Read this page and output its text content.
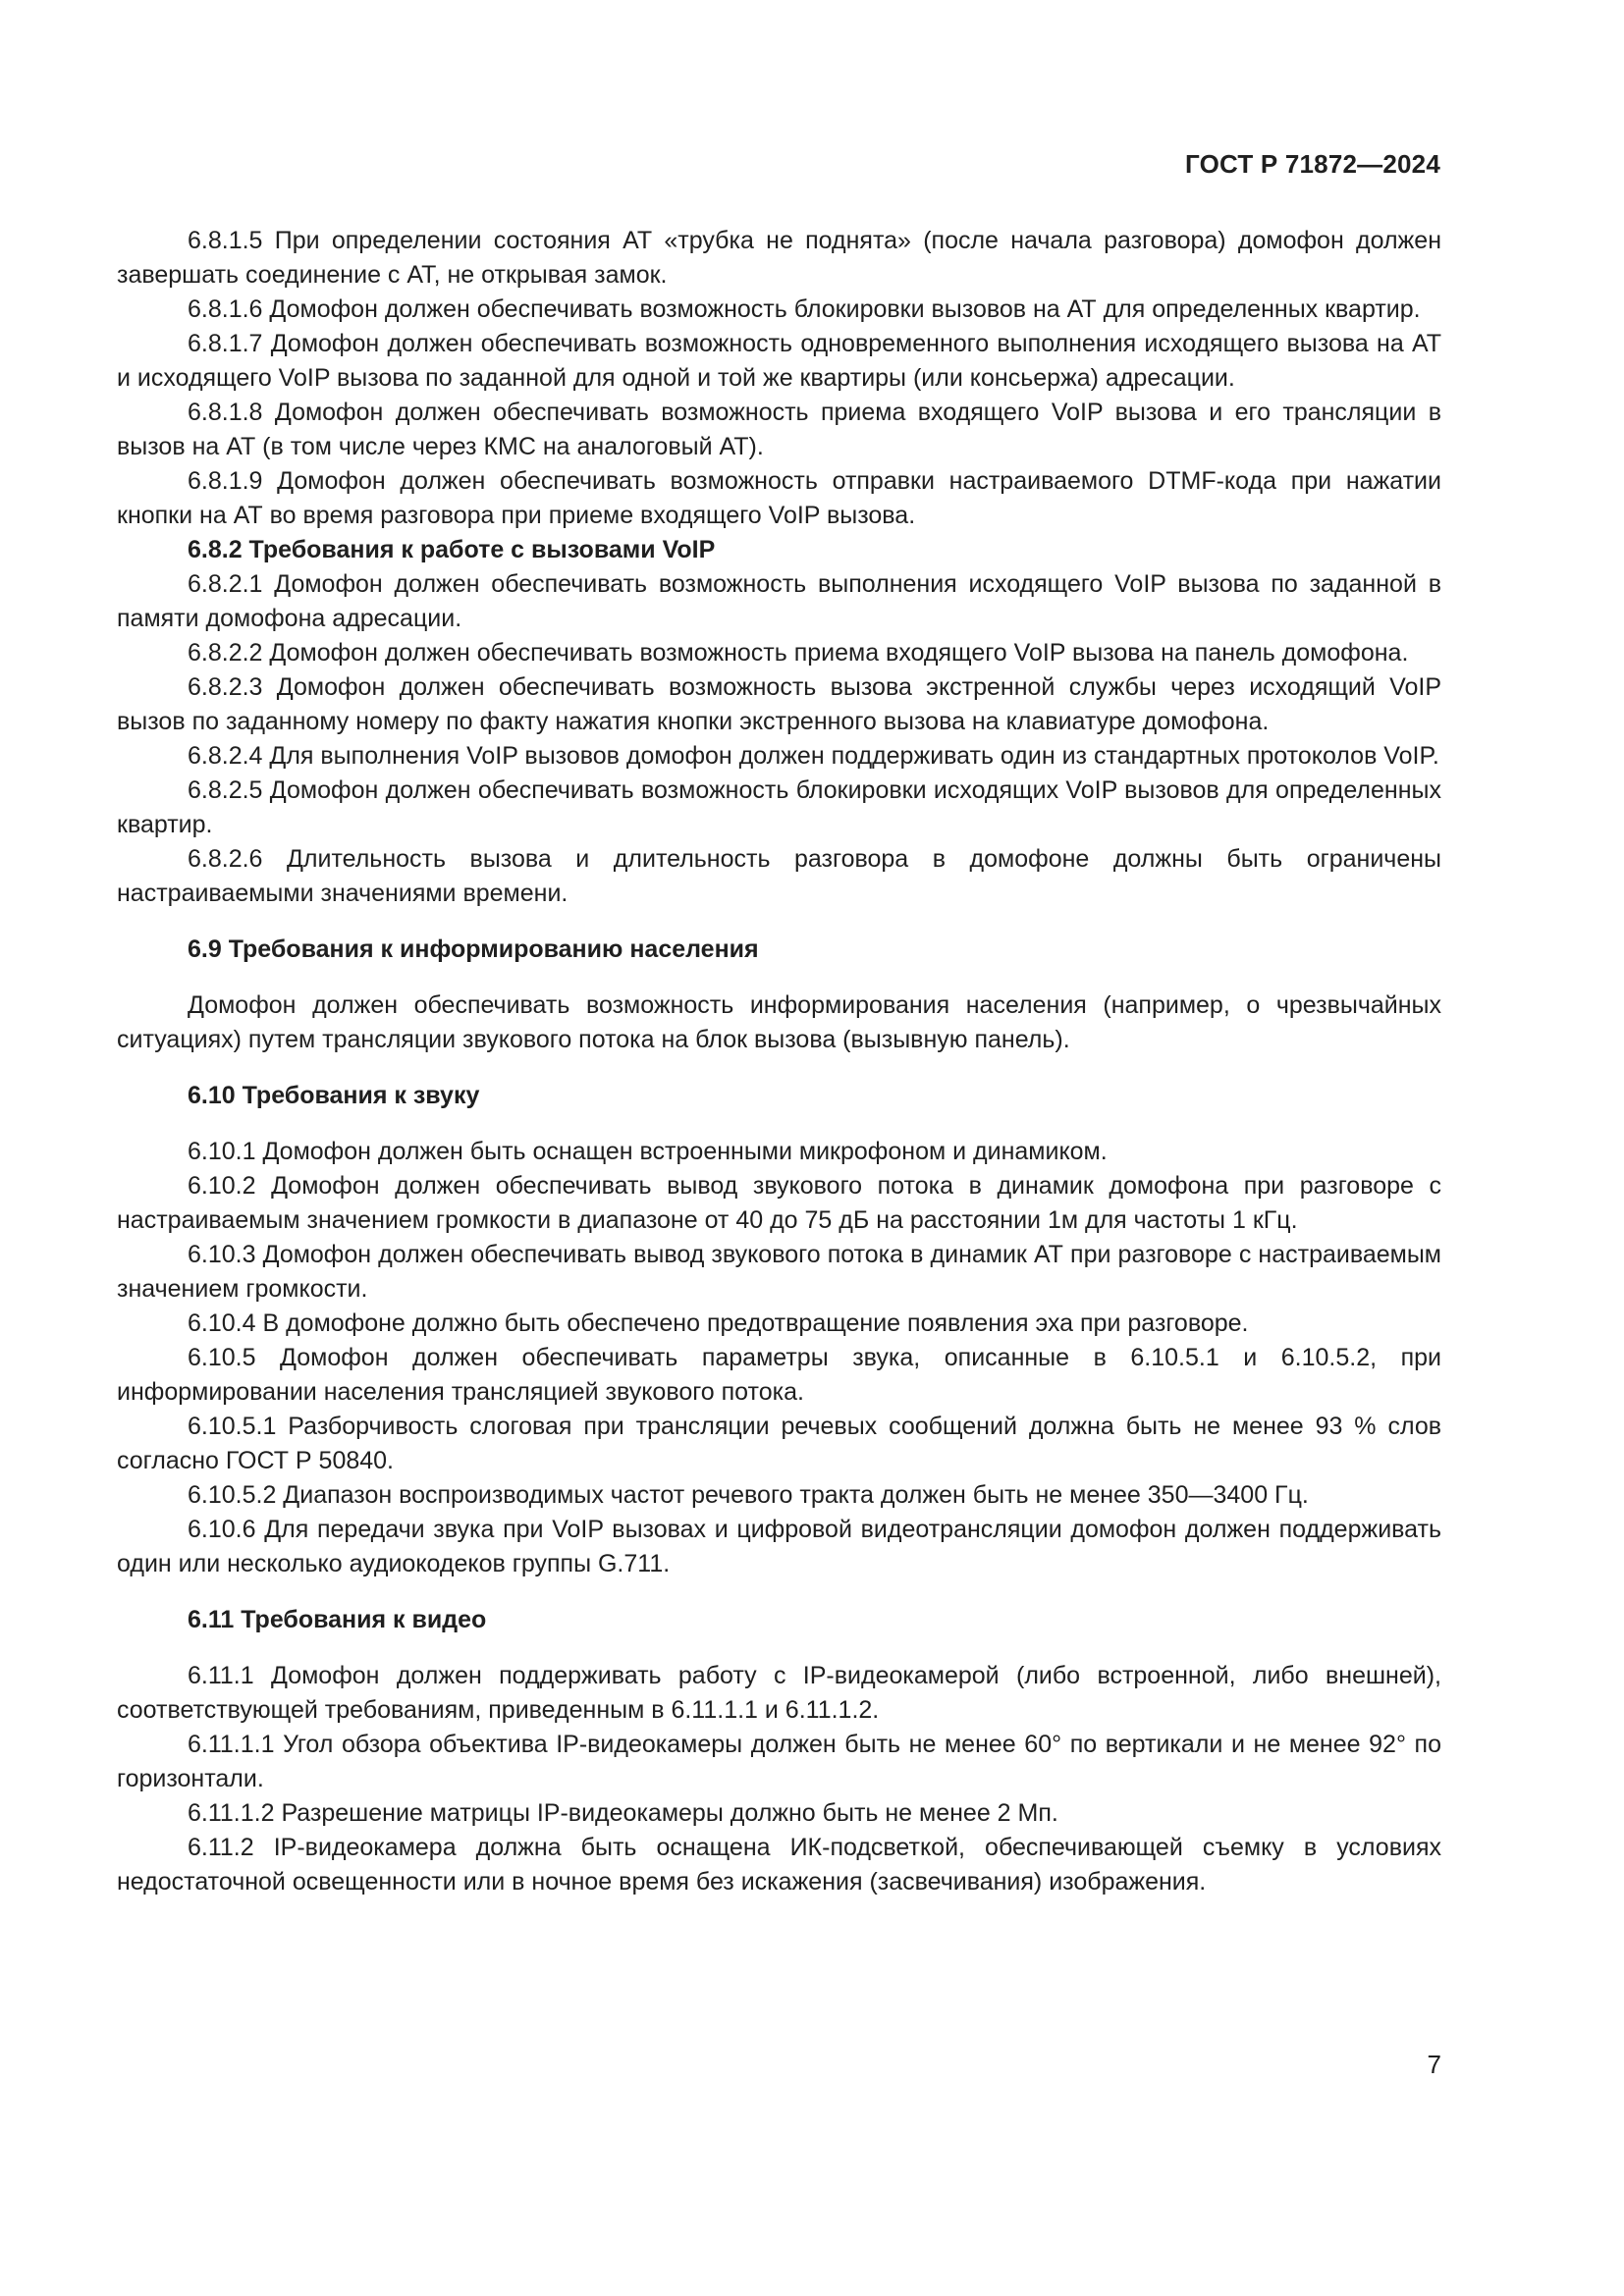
ГОСТ Р 71872—2024

6.8.1.5 При определении состояния АТ «трубка не поднята» (после начала разговора) домофон должен завершать соединение с АТ, не открывая замок.

6.8.1.6 Домофон должен обеспечивать возможность блокировки вызовов на АТ для определенных квартир.

6.8.1.7 Домофон должен обеспечивать возможность одновременного выполнения исходящего вызова на АТ и исходящего VoIP вызова по заданной для одной и той же квартиры (или консьержа) адресации.

6.8.1.8 Домофон должен обеспечивать возможность приема входящего VoIP вызова и его трансляции в вызов на АТ (в том числе через КМС на аналоговый АТ).

6.8.1.9 Домофон должен обеспечивать возможность отправки настраиваемого DTMF-кода при нажатии кнопки на АТ во время разговора при приеме входящего VoIP вызова.

6.8.2 Требования к работе с вызовами VoIP

6.8.2.1 Домофон должен обеспечивать возможность выполнения исходящего VoIP вызова по заданной в памяти домофона адресации.

6.8.2.2 Домофон должен обеспечивать возможность приема входящего VoIP вызова на панель домофона.

6.8.2.3 Домофон должен обеспечивать возможность вызова экстренной службы через исходящий VoIP вызов по заданному номеру по факту нажатия кнопки экстренного вызова на клавиатуре домофона.

6.8.2.4 Для выполнения VoIP вызовов домофон должен поддерживать один из стандартных протоколов VoIP.

6.8.2.5 Домофон должен обеспечивать возможность блокировки исходящих VoIP вызовов для определенных квартир.

6.8.2.6 Длительность вызова и длительность разговора в домофоне должны быть ограничены настраиваемыми значениями времени.

6.9 Требования к информированию населения

Домофон должен обеспечивать возможность информирования населения (например, о чрезвычайных ситуациях) путем трансляции звукового потока на блок вызова (вызывную панель).

6.10 Требования к звуку

6.10.1 Домофон должен быть оснащен встроенными микрофоном и динамиком.

6.10.2 Домофон должен обеспечивать вывод звукового потока в динамик домофона при разговоре с настраиваемым значением громкости в диапазоне от 40 до 75 дБ на расстоянии 1м для частоты 1 кГц.

6.10.3 Домофон должен обеспечивать вывод звукового потока в динамик АТ при разговоре с настраиваемым значением громкости.

6.10.4 В домофоне должно быть обеспечено предотвращение появления эха при разговоре.

6.10.5 Домофон должен обеспечивать параметры звука, описанные в 6.10.5.1 и 6.10.5.2, при информировании населения трансляцией звукового потока.

6.10.5.1 Разборчивость слоговая при трансляции речевых сообщений должна быть не менее 93 % слов согласно ГОСТ Р 50840.

6.10.5.2 Диапазон воспроизводимых частот речевого тракта должен быть не менее 350—3400 Гц.

6.10.6 Для передачи звука при VoIP вызовах и цифровой видеотрансляции домофон должен поддерживать один или несколько аудиокодеков группы G.711.

6.11 Требования к видео

6.11.1 Домофон должен поддерживать работу с IP-видеокамерой (либо встроенной, либо внешней), соответствующей требованиям, приведенным в 6.11.1.1 и 6.11.1.2.

6.11.1.1 Угол обзора объектива IP-видеокамеры должен быть не менее 60° по вертикали и не менее 92° по горизонтали.

6.11.1.2 Разрешение матрицы IP-видеокамеры должно быть не менее 2 Мп.

6.11.2 IP-видеокамера должна быть оснащена ИК-подсветкой, обеспечивающей съемку в условиях недостаточной освещенности или в ночное время без искажения (засвечивания) изображения.

7
